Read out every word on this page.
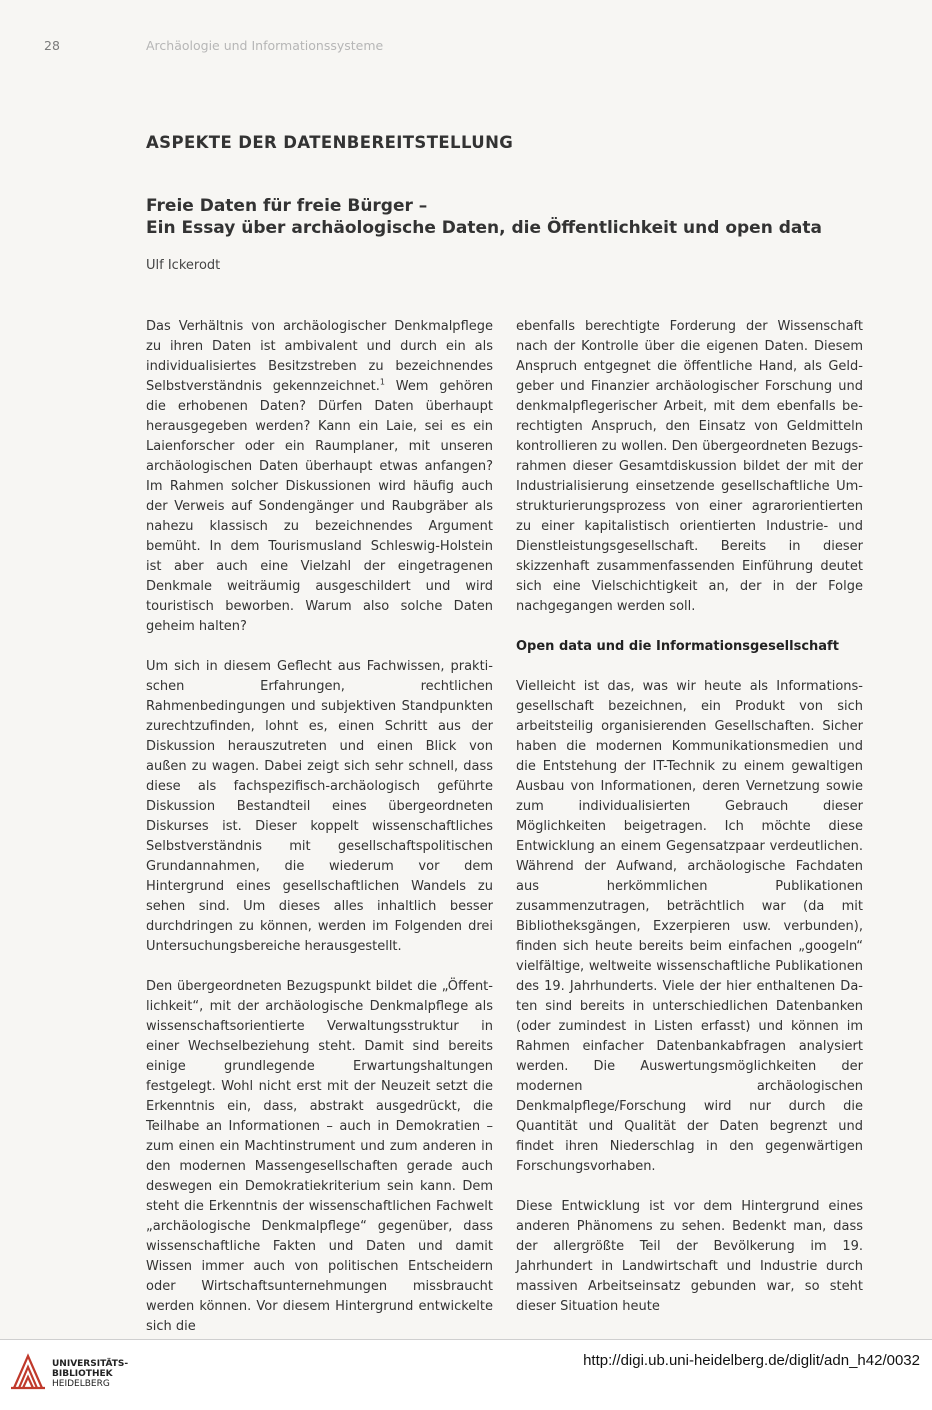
28	Archäologie und Informationssysteme
ASPEKTE DER DATENBEREITSTELLUNG
Freie Daten für freie Bürger –
Ein Essay über archäologische Daten, die Öffentlichkeit und open data
Ulf Ickerodt

Das Verhältnis von archäologischer Denkmalpflege zu ihren Daten ist ambivalent und durch ein als individualisiertes Besitzstreben zu bezeichnendes Selbstverständnis gekennzeichnet.$^1$ Wem gehören die erhobenen Daten? Dürfen Daten überhaupt herausgegeben werden? Kann ein Laie, sei es ein Laienforscher oder ein Raumplaner, mit unseren archäologischen Daten überhaupt etwas anfangen? Im Rahmen solcher Diskussionen wird häufig auch der Verweis auf Sondengänger und Raubgräber als nahezu klassisch zu bezeichnendes Argument bemüht. In dem Tourismusland Schleswig-Holstein ist aber auch eine Vielzahl der eingetragenen Denkmale weiträumig ausgeschildert und wird touristisch beworben. Warum also solche Daten geheim halten?

Um sich in diesem Geflecht aus Fachwissen, praktischen Erfahrungen, rechtlichen Rahmenbedingungen und subjektiven Standpunkten zurechtzufinden, lohnt es, einen Schritt aus der Diskussion herauszutreten und einen Blick von außen zu wagen. Dabei zeigt sich sehr schnell, dass diese als fachspezifisch-archäologisch geführte Diskussion Bestandteil eines übergeordneten Diskurses ist. Dieser koppelt wissenschaftliches Selbstverständnis mit gesellschaftspolitischen Grundannahmen, die wiederum vor dem Hintergrund eines gesellschaftlichen Wandels zu sehen sind. Um dieses alles inhaltlich besser durchdringen zu können, werden im Folgenden drei Untersuchungsbereiche herausgestellt.

Den übergeordneten Bezugspunkt bildet die „Öffentlichkeit“, mit der archäologische Denkmalpflege als wissenschaftsorientierte Verwaltungsstruktur in einer Wechselbeziehung steht. Damit sind bereits einige grundlegende Erwartungshaltungen festgelegt. Wohl nicht erst mit der Neuzeit setzt die Erkenntnis ein, dass, abstrakt ausgedrückt, die Teilhabe an Informationen – auch in Demokratien – zum einen ein Machtinstrument und zum anderen in den modernen Massengesellschaften gerade auch deswegen ein Demokratiekriterium sein kann. Dem steht die Erkenntnis der wissenschaftlichen Fachwelt „archäologische Denkmalpflege“ gegenüber, dass wissenschaftliche Fakten und Daten und damit Wissen immer auch von politischen Entscheidern oder Wirtschaftsunternehmungen missbraucht werden können. Vor diesem Hintergrund entwickelte sich die

ebenfalls berechtigte Forderung der Wissenschaft nach der Kontrolle über die eigenen Daten. Diesem Anspruch entgegnet die öffentliche Hand, als Geldgeber und Finanzier archäologischer Forschung und denkmalpflegerischer Arbeit, mit dem ebenfalls berechtigten Anspruch, den Einsatz von Geldmitteln kontrollieren zu wollen. Den übergeordneten Bezugsrahmen dieser Gesamtdiskussion bildet der mit der Industrialisierung einsetzende gesellschaftliche Umstrukturierungsprozess von einer agrarorientierten zu einer kapitalistisch orientierten Industrie- und Dienstleistungsgesellschaft. Bereits in dieser skizzenhaft zusammenfassenden Einführung deutet sich eine Vielschichtigkeit an, der in der Folge nachgegangen werden soll.

Open data und die Informationsgesellschaft

Vielleicht ist das, was wir heute als Informationsgesellschaft bezeichnen, ein Produkt von sich arbeitsteilig organisierenden Gesellschaften. Sicher haben die modernen Kommunikationsmedien und die Entstehung der IT-Technik zu einem gewaltigen Ausbau von Informationen, deren Vernetzung sowie zum individualisierten Gebrauch dieser Möglichkeiten beigetragen. Ich möchte diese Entwicklung an einem Gegensatzpaar verdeutlichen. Während der Aufwand, archäologische Fachdaten aus herkömmlichen Publikationen zusammenzutragen, beträchtlich war (da mit Bibliotheksgängen, Exzerpieren usw. verbunden), finden sich heute bereits beim einfachen „googeln“ vielfältige, weltweite wissenschaftliche Publikationen des 19. Jahrhunderts. Viele der hier enthaltenen Daten sind bereits in unterschiedlichen Datenbanken (oder zumindest in Listen erfasst) und können im Rahmen einfacher Datenbankabfragen analysiert werden. Die Auswertungsmöglichkeiten der modernen archäologischen Denkmalpflege/Forschung wird nur durch die Quantität und Qualität der Daten begrenzt und findet ihren Niederschlag in den gegenwärtigen Forschungsvorhaben.

Diese Entwicklung ist vor dem Hintergrund eines anderen Phänomens zu sehen. Bedenkt man, dass der allergrößte Teil der Bevölkerung im 19. Jahrhundert in Landwirtschaft und Industrie durch massiven Arbeitseinsatz gebunden war, so steht dieser Situation heute

UNIVERSITÄTS-
BIBLIOTHEK
HEIDELBERG
http://digi.ub.uni-heidelberg.de/diglit/adn_h42/0032
